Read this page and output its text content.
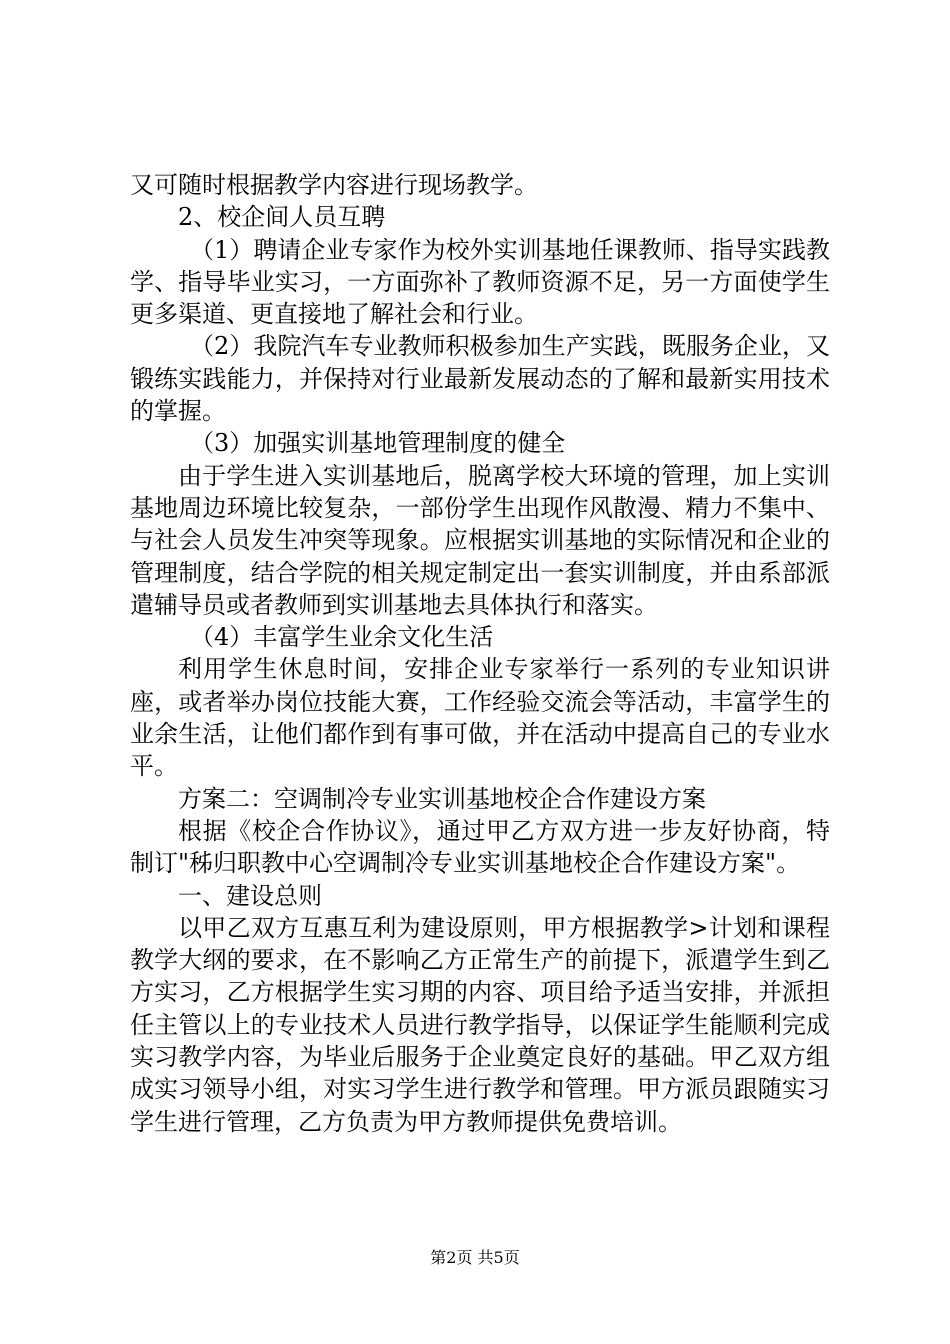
又可随时根据教学内容进行现场教学。

2、校企间人员互聘

（1）聘请企业专家作为校外实训基地任课教师、指导实践教学、指导毕业实习，一方面弥补了教师资源不足，另一方面使学生更多渠道、更直接地了解社会和行业。

（2）我院汽车专业教师积极参加生产实践，既服务企业，又锻练实践能力，并保持对行业最新发展动态的了解和最新实用技术的掌握。

（3）加强实训基地管理制度的健全

由于学生进入实训基地后，脱离学校大环境的管理，加上实训基地周边环境比较复杂，一部份学生出现作风散漫、精力不集中、与社会人员发生冲突等现象。应根据实训基地的实际情况和企业的管理制度，结合学院的相关规定制定出一套实训制度，并由系部派遣辅导员或者教师到实训基地去具体执行和落实。

（4）丰富学生业余文化生活

利用学生休息时间，安排企业专家举行一系列的专业知识讲座，或者举办岗位技能大赛，工作经验交流会等活动，丰富学生的业余生活，让他们都作到有事可做，并在活动中提高自己的专业水平。

方案二：空调制冷专业实训基地校企合作建设方案

根据《校企合作协议》，通过甲乙方双方进一步友好协商，特制订"秭归职教中心空调制冷专业实训基地校企合作建设方案"。

一、建设总则

以甲乙双方互惠互利为建设原则，甲方根据教学>计划和课程教学大纲的要求，在不影响乙方正常生产的前提下，派遣学生到乙方实习，乙方根据学生实习期的内容、项目给予适当安排，并派担任主管以上的专业技术人员进行教学指导，以保证学生能顺利完成实习教学内容，为毕业后服务于企业奠定良好的基础。甲乙双方组成实习领导小组，对实习学生进行教学和管理。甲方派员跟随实习学生进行管理，乙方负责为甲方教师提供免费培训。

第2页 共5页
